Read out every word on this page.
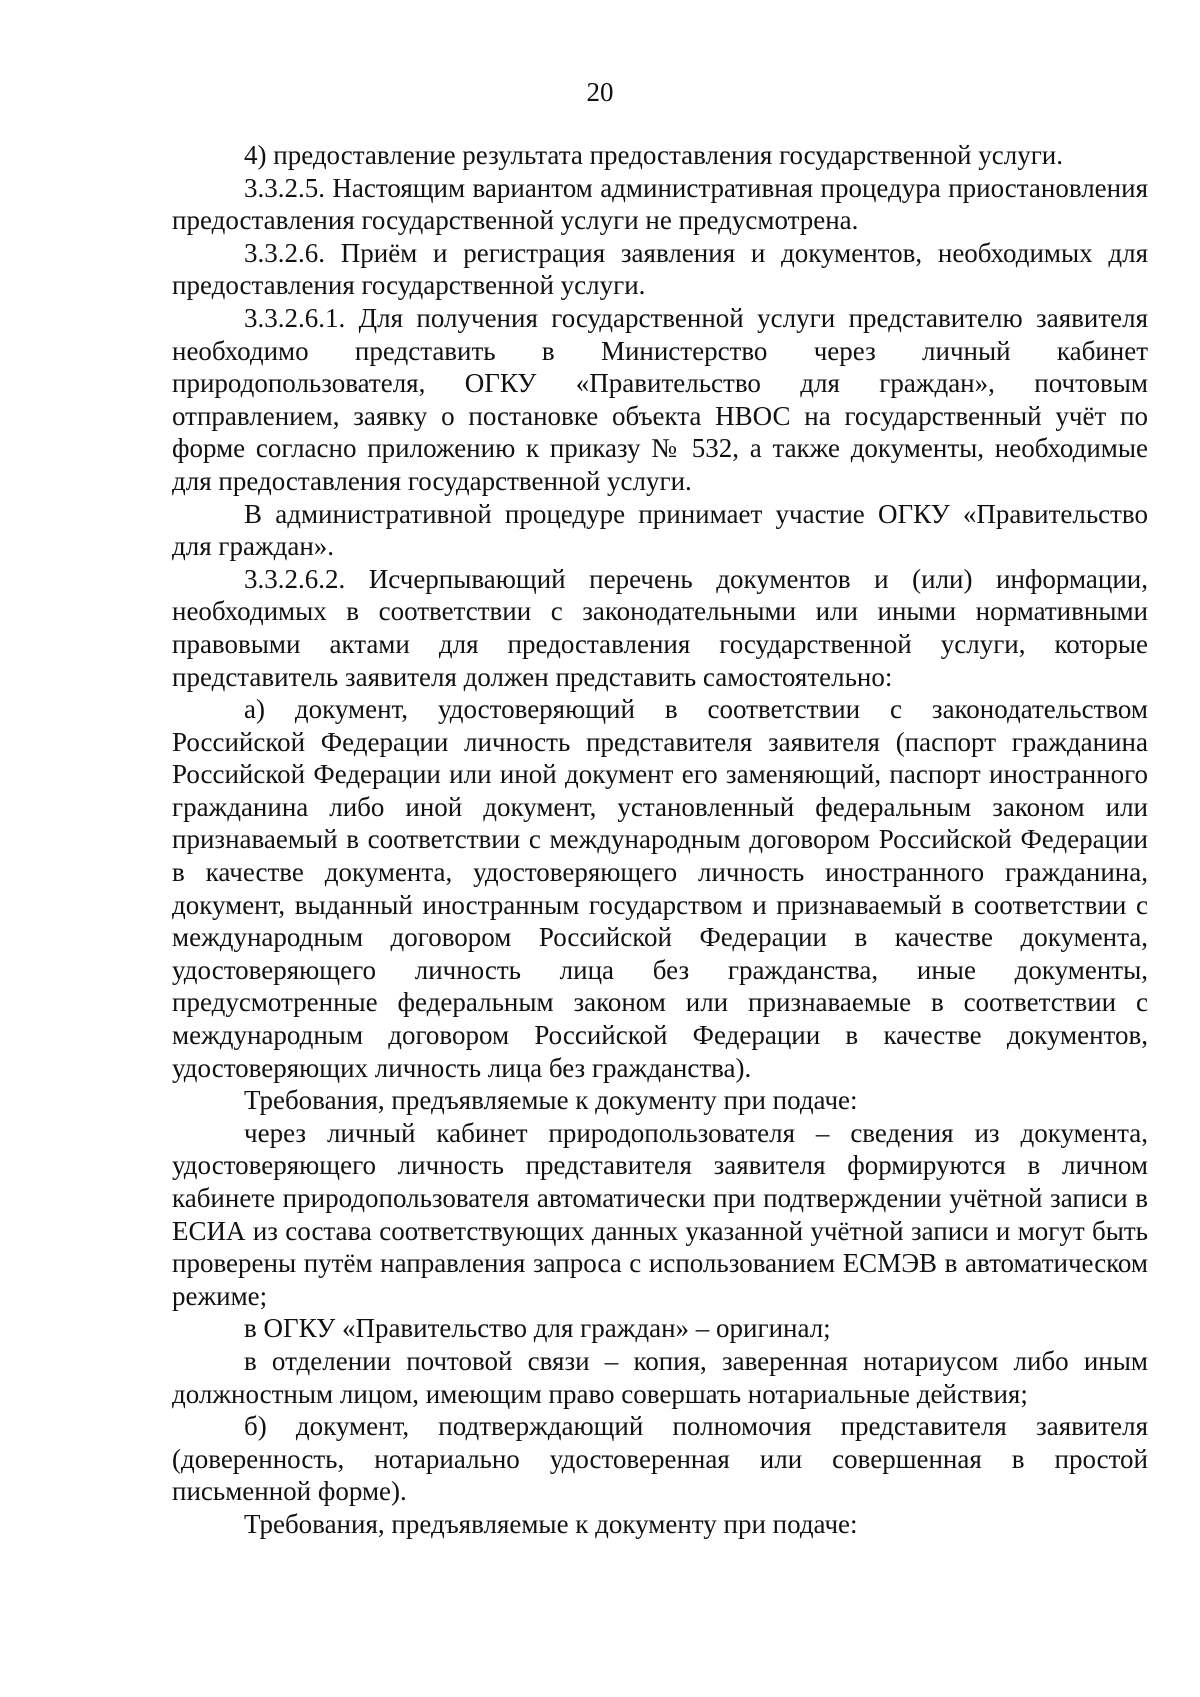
20

4) предоставление результата предоставления государственной услуги.

3.3.2.5. Настоящим вариантом административная процедура приостановления предоставления государственной услуги не предусмотрена.

3.3.2.6. Приём и регистрация заявления и документов, необходимых для предоставления государственной услуги.

3.3.2.6.1. Для получения государственной услуги представителю заявителя необходимо представить в Министерство через личный кабинет природопользователя, ОГКУ «Правительство для граждан», почтовым отправлением, заявку о постановке объекта НВОС на государственный учёт по форме согласно приложению к приказу № 532, а также документы, необходимые для предоставления государственной услуги.

В административной процедуре принимает участие ОГКУ «Правительство для граждан».

3.3.2.6.2. Исчерпывающий перечень документов и (или) информации, необходимых в соответствии с законодательными или иными нормативными правовыми актами для предоставления государственной услуги, которые представитель заявителя должен представить самостоятельно:

а) документ, удостоверяющий в соответствии с законодательством Российской Федерации личность представителя заявителя (паспорт гражданина Российской Федерации или иной документ его заменяющий, паспорт иностранного гражданина либо иной документ, установленный федеральным законом или признаваемый в соответствии с международным договором Российской Федерации в качестве документа, удостоверяющего личность иностранного гражданина, документ, выданный иностранным государством и признаваемый в соответствии с международным договором Российской Федерации в качестве документа, удостоверяющего личность лица без гражданства, иные документы, предусмотренные федеральным законом или признаваемые в соответствии с международным договором Российской Федерации в качестве документов, удостоверяющих личность лица без гражданства).

Требования, предъявляемые к документу при подаче:

через личный кабинет природопользователя – сведения из документа, удостоверяющего личность представителя заявителя формируются в личном кабинете природопользователя автоматически при подтверждении учётной записи в ЕСИА из состава соответствующих данных указанной учётной записи и могут быть проверены путём направления запроса с использованием ЕСМЭВ в автоматическом режиме;

в ОГКУ «Правительство для граждан» – оригинал;

в отделении почтовой связи – копия, заверенная нотариусом либо иным должностным лицом, имеющим право совершать нотариальные действия;

б) документ, подтверждающий полномочия представителя заявителя (доверенность, нотариально удостоверенная или совершенная в простой письменной форме).

Требования, предъявляемые к документу при подаче:
